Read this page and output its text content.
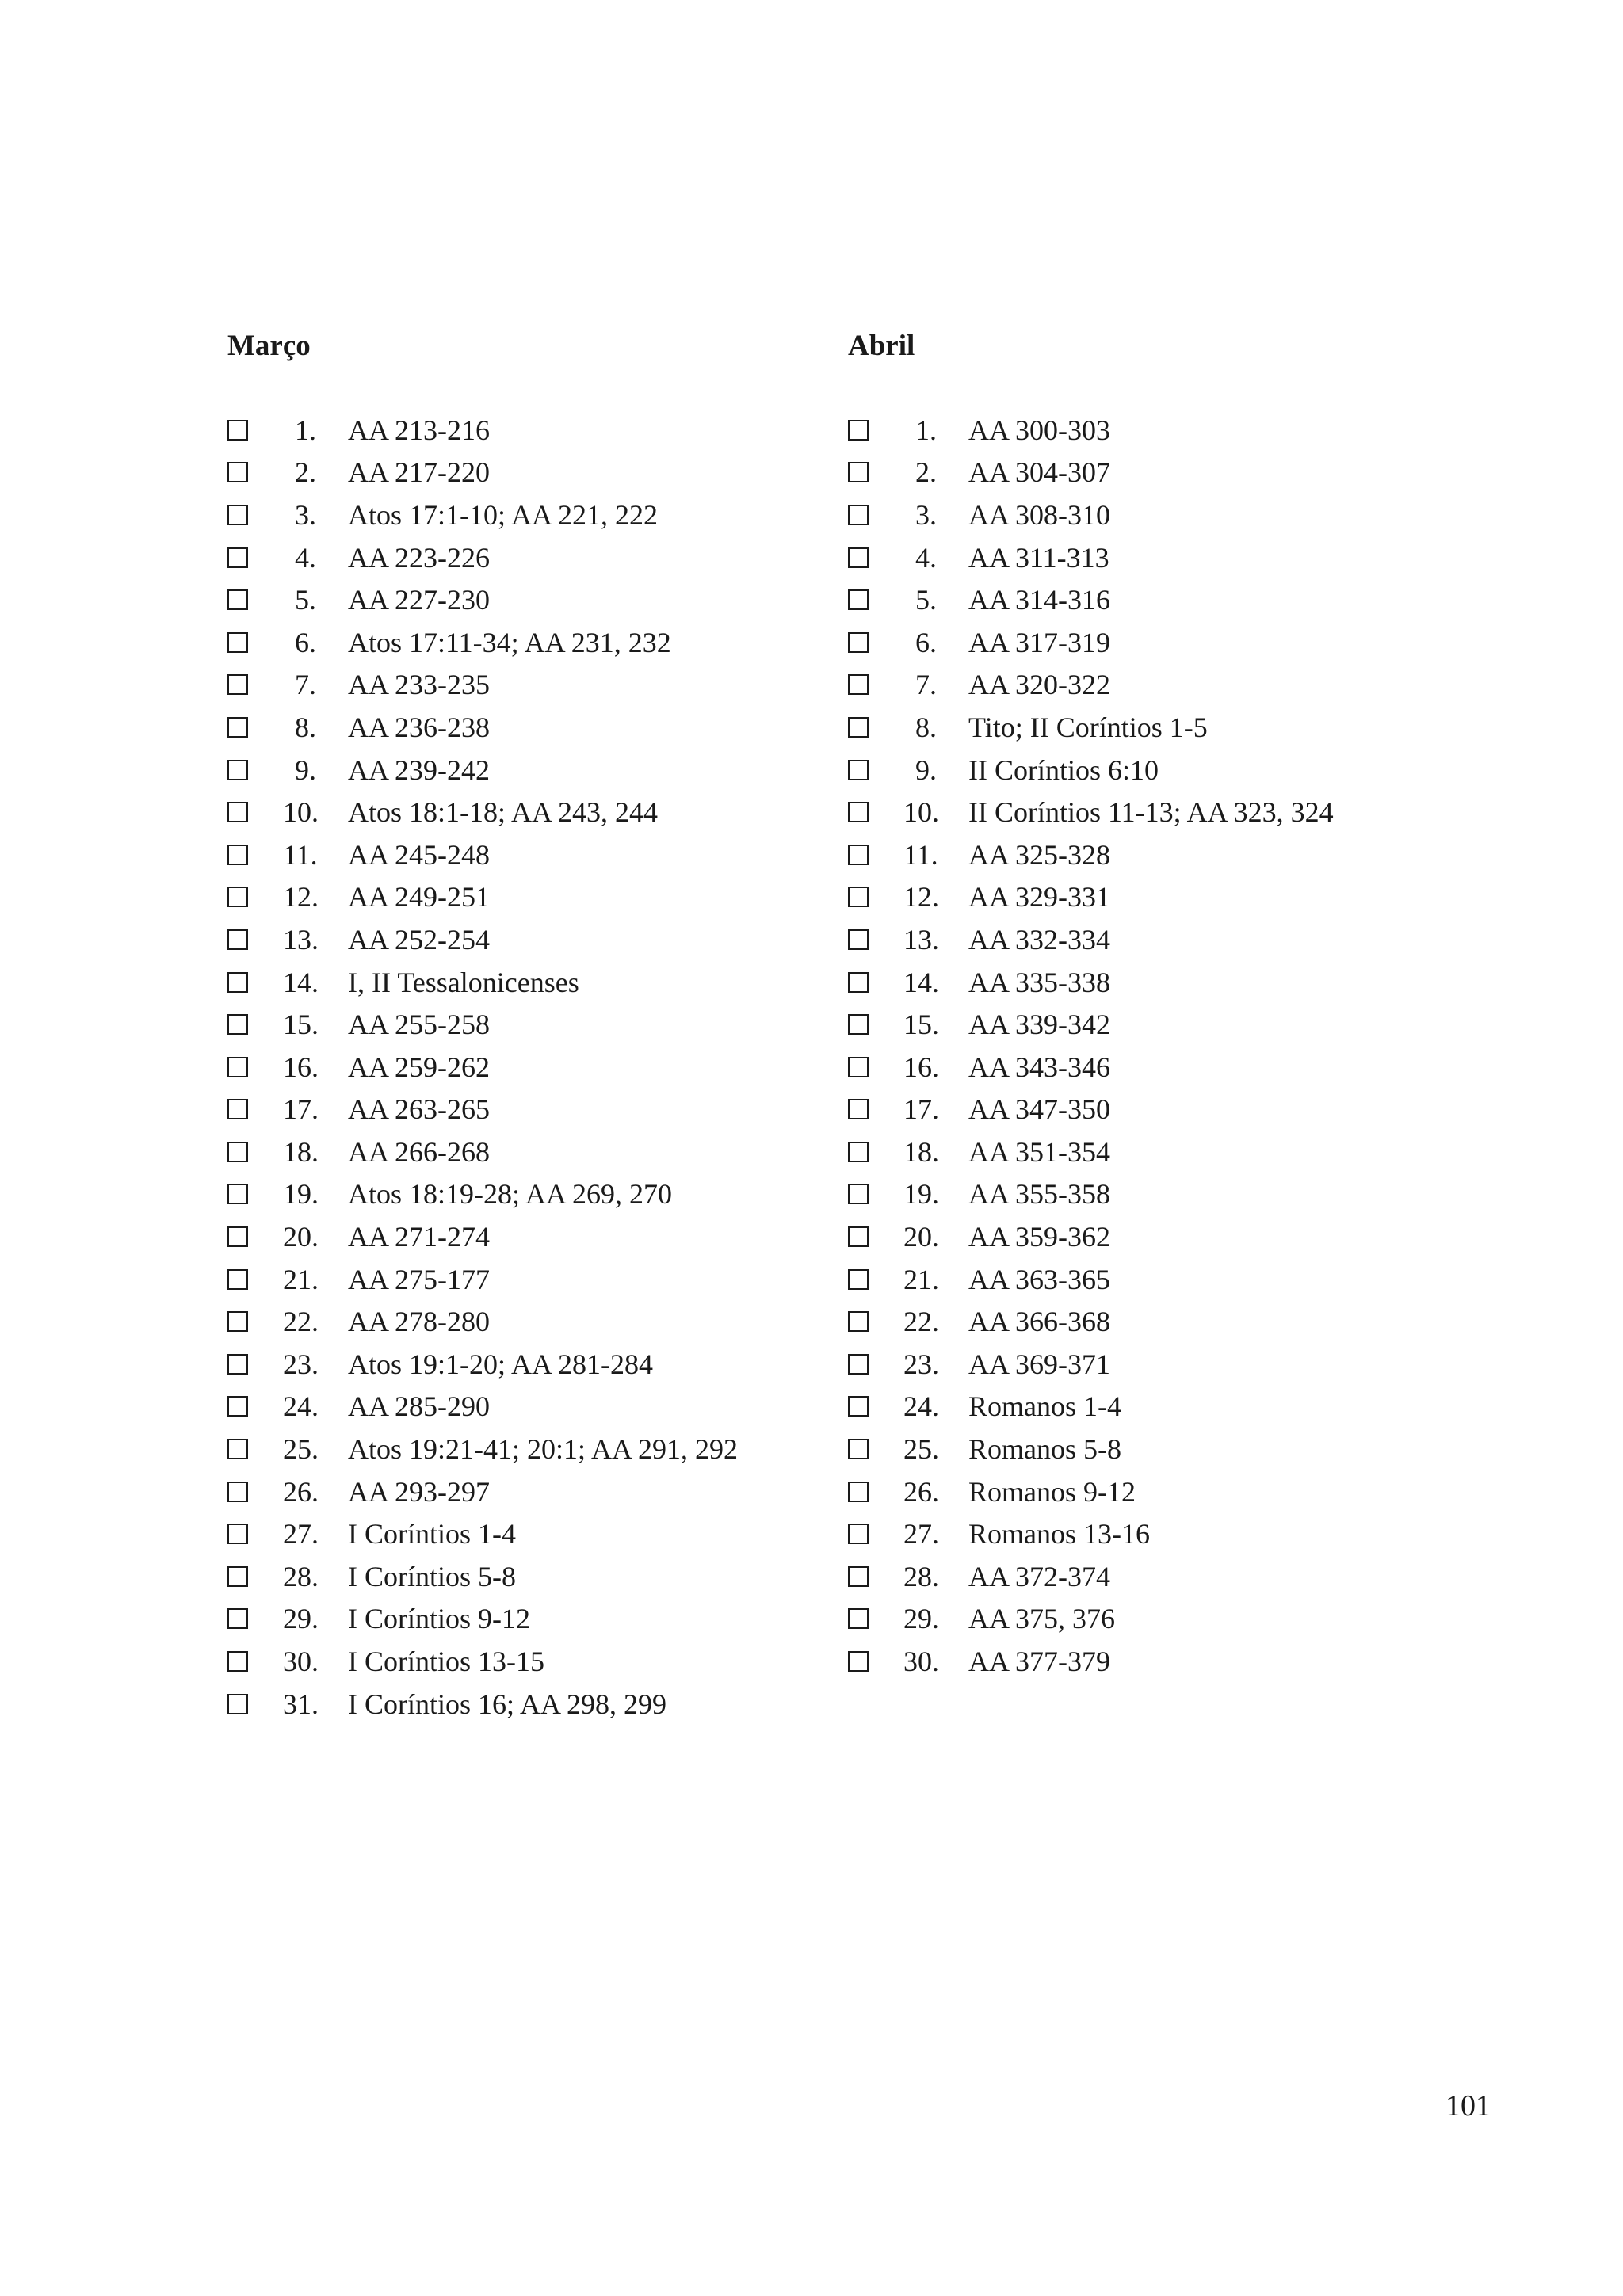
Março
1.	AA 213-216
2.	AA 217-220
3.	Atos 17:1-10; AA 221, 222
4.	AA 223-226
5.	AA 227-230
6.	Atos 17:11-34; AA 231, 232
7.	AA 233-235
8.	AA 236-238
9.	AA 239-242
10.	Atos 18:1-18; AA 243, 244
11.	AA 245-248
12.	AA 249-251
13.	AA 252-254
14.	I, II Tessalonicenses
15.	AA 255-258
16.	AA 259-262
17.	AA 263-265
18.	AA 266-268
19.	Atos 18:19-28; AA 269, 270
20.	AA 271-274
21.	AA 275-177
22.	AA 278-280
23.	Atos 19:1-20; AA 281-284
24.	AA 285-290
25.	Atos 19:21-41; 20:1; AA 291, 292
26.	AA 293-297
27.	I Coríntios 1-4
28.	I Coríntios 5-8
29.	I Coríntios 9-12
30.	I Coríntios 13-15
31.	I Coríntios 16; AA 298, 299
Abril
1.	AA 300-303
2.	AA 304-307
3.	AA 308-310
4.	AA 311-313
5.	AA 314-316
6.	AA 317-319
7.	AA 320-322
8.	Tito; II Coríntios 1-5
9.	II Coríntios 6:10
10.	II Coríntios 11-13; AA 323, 324
11.	AA 325-328
12.	AA 329-331
13.	AA 332-334
14.	AA 335-338
15.	AA 339-342
16.	AA 343-346
17.	AA 347-350
18.	AA 351-354
19.	AA 355-358
20.	AA 359-362
21.	AA 363-365
22.	AA 366-368
23.	AA 369-371
24.	Romanos 1-4
25.	Romanos 5-8
26.	Romanos 9-12
27.	Romanos 13-16
28.	AA 372-374
29.	AA 375, 376
30.	AA 377-379
101
